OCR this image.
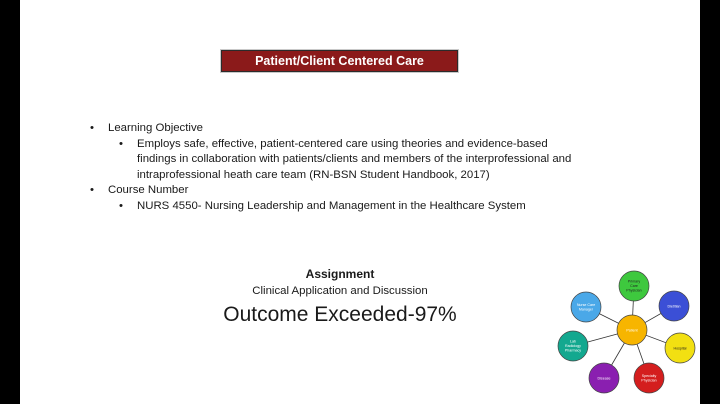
Patient/Client Centered Care
• Learning Objective
• Employs safe, effective, patient-centered care using theories and evidence-based findings in collaboration with patients/clients and members of the interprofessional and intraprofessional heath care team (RN-BSN Student Handbook, 2017)
• Course Number
• NURS 4550- Nursing Leadership and Management in the Healthcare System
Assignment
Clinical Application and Discussion
Outcome Exceeded-97%
Primary Care Physician
Dietitian
Hospital
Specialty Physician
Disease
Lab Radiology Pharmacy
Nurse Care Manager
Patient
